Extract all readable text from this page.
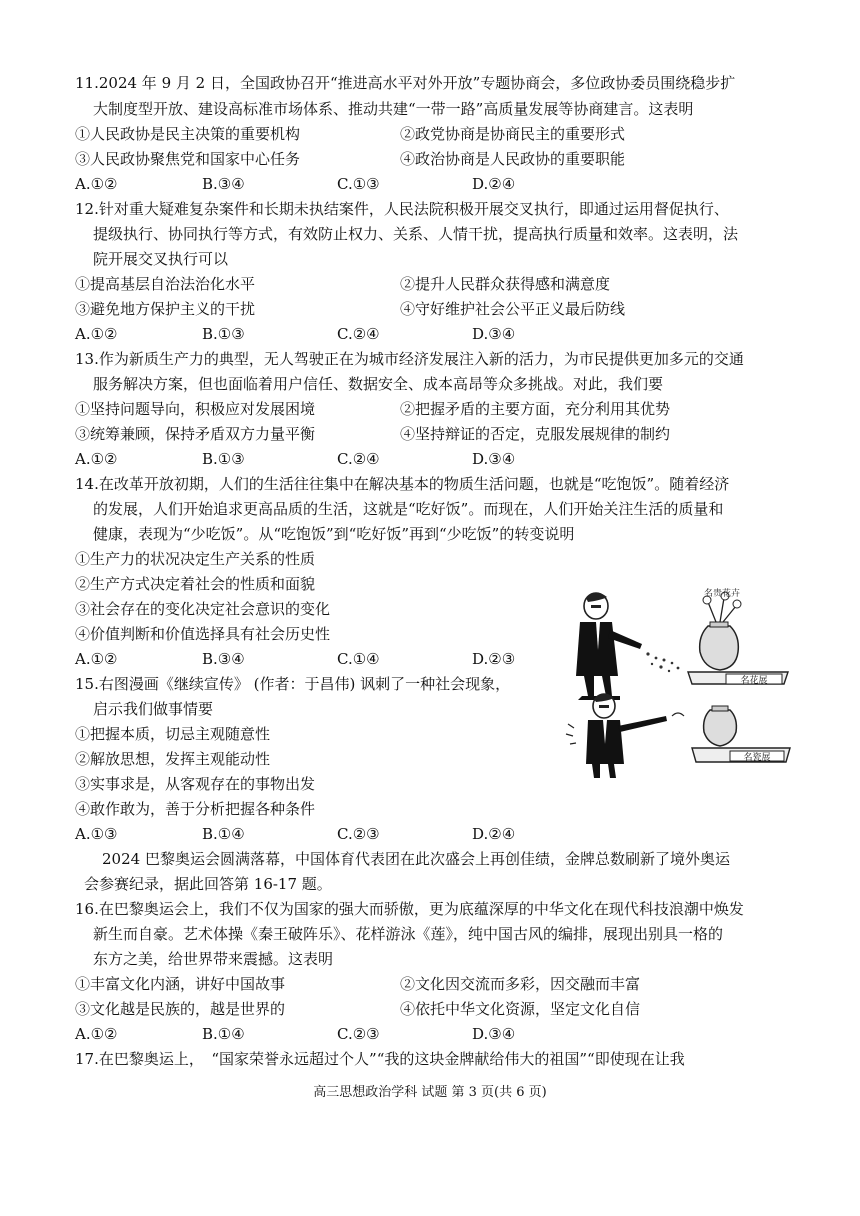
11.2024 年 9 月 2 日，全国政协召开“推进高水平对外开放”专题协商会，多位政协委员围绕稳步扩
大制度型开放、建设高标准市场体系、推动共建“一带一路”高质量发展等协商建言。这表明
①人民政协是民主决策的重要机构	②政党协商是协商民主的重要形式
③人民政协聚焦党和国家中心任务	④政治协商是人民政协的重要职能
A.①②	B.③④	C.①③	D.②④
12.针对重大疑难复杂案件和长期未执结案件，人民法院积极开展交叉执行，即通过运用督促执行、
提级执行、协同执行等方式，有效防止权力、关系、人情干扰，提高执行质量和效率。这表明，法
院开展交叉执行可以
①提高基层自治法治化水平	②提升人民群众获得感和满意度
③避免地方保护主义的干扰	④守好维护社会公平正义最后防线
A.①②	B.①③	C.②④	D.③④
13.作为新质生产力的典型，无人驾驶正在为城市经济发展注入新的活力，为市民提供更加多元的交通
服务解决方案，但也面临着用户信任、数据安全、成本高昂等众多挑战。对此，我们要
①坚持问题导向，积极应对发展困境	②把握矛盾的主要方面，充分利用其优势
③统筹兼顾，保持矛盾双方力量平衡	④坚持辩证的否定，克服发展规律的制约
A.①②	B.①③	C.②④	D.③④
14.在改革开放初期，人们的生活往往集中在解决基本的物质生活问题，也就是“吃饱饭”。随着经济
的发展，人们开始追求更高品质的生活，这就是“吃好饭”。而现在，人们开始关注生活的质量和
健康，表现为“少吃饭”。从“吃饱饭”到“吃好饭”再到“少吃饭”的转变说明
①生产力的状况决定生产关系的性质
②生产方式决定着社会的性质和面貌
③社会存在的变化决定社会意识的变化
④价值判断和价值选择具有社会历史性
A.①②	B.③④	C.①④	D.②③
名贵花卉
名花展
名瓷展
15.右图漫画《继续宣传》 (作者：于昌伟) 讽刺了一种社会现象，
启示我们做事情要
①把握本质，切忌主观随意性
②解放思想，发挥主观能动性
③实事求是，从客观存在的事物出发
④敢作敢为，善于分析把握各种条件
A.①③	B.①④	C.②③	D.②④
2024 巴黎奥运会圆满落幕，中国体育代表团在此次盛会上再创佳绩，金牌总数刷新了境外奥运
会参赛纪录，据此回答第 16-17 题。
16.在巴黎奥运会上，我们不仅为国家的强大而骄傲，更为底蕴深厚的中华文化在现代科技浪潮中焕发
新生而自豪。艺术体操《秦王破阵乐》、花样游泳《莲》，纯中国古风的编排，展现出别具一格的
东方之美，给世界带来震撼。这表明
①丰富文化内涵，讲好中国故事	②文化因交流而多彩，因交融而丰富
③文化越是民族的，越是世界的	④依托中华文化资源，坚定文化自信
A.①②	B.①④	C.②③	D.③④
17.在巴黎奥运上，　“国家荣誉永远超过个人”“我的这块金牌献给伟大的祖国”“即使现在让我
高三思想政治学科 试题 第 3 页(共 6 页)
